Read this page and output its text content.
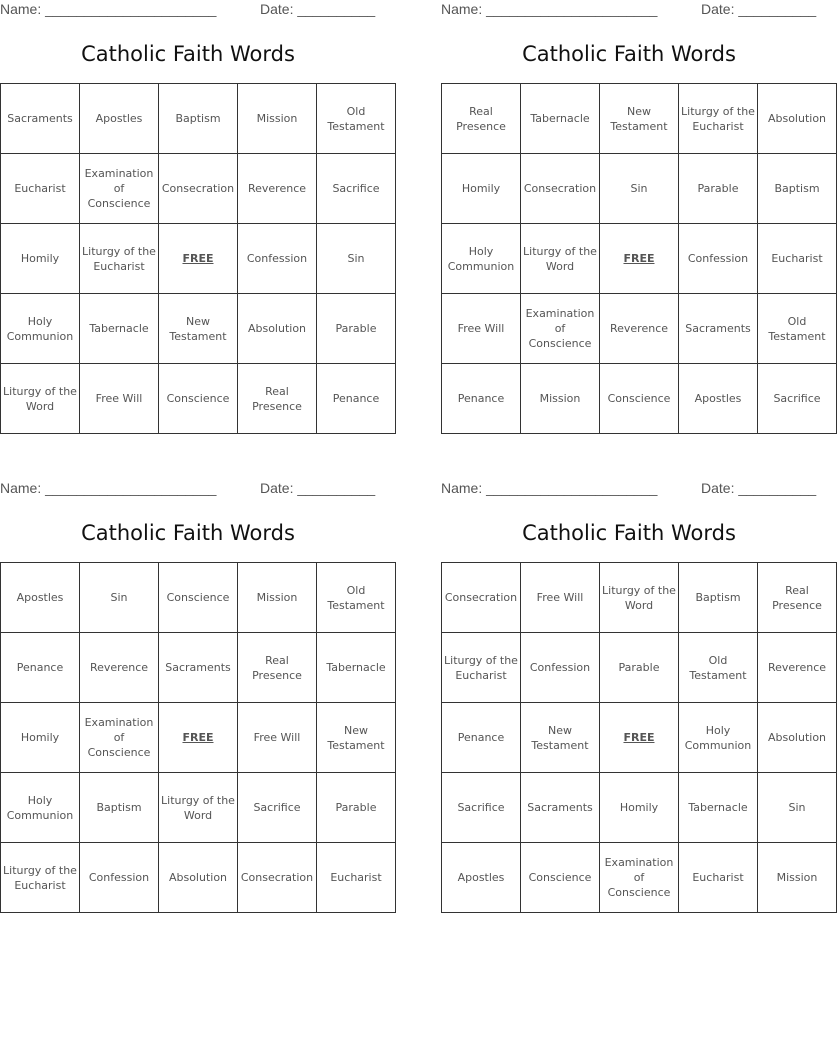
Name: ______________________	Date: __________
Catholic Faith Words
Sacraments	Apostles	Baptism	Mission	Old Testament
Eucharist	Examination of Conscience	Consecration	Reverence	Sacrifice
Homily	Liturgy of the Eucharist	FREE	Confession	Sin
Holy Communion	Tabernacle	New Testament	Absolution	Parable
Liturgy of the Word	Free Will	Conscience	Real Presence	Penance
Name: ______________________	Date: __________
Catholic Faith Words
Real Presence	Tabernacle	New Testament	Liturgy of the Eucharist	Absolution
Homily	Consecration	Sin	Parable	Baptism
Holy Communion	Liturgy of the Word	FREE	Confession	Eucharist
Free Will	Examination of Conscience	Reverence	Sacraments	Old Testament
Penance	Mission	Conscience	Apostles	Sacrifice
Name: ______________________	Date: __________
Catholic Faith Words
Apostles	Sin	Conscience	Mission	Old Testament
Penance	Reverence	Sacraments	Real Presence	Tabernacle
Homily	Examination of Conscience	FREE	Free Will	New Testament
Holy Communion	Baptism	Liturgy of the Word	Sacrifice	Parable
Liturgy of the Eucharist	Confession	Absolution	Consecration	Eucharist
Name: ______________________	Date: __________
Catholic Faith Words
Consecration	Free Will	Liturgy of the Word	Baptism	Real Presence
Liturgy of the Eucharist	Confession	Parable	Old Testament	Reverence
Penance	New Testament	FREE	Holy Communion	Absolution
Sacrifice	Sacraments	Homily	Tabernacle	Sin
Apostles	Conscience	Examination of Conscience	Eucharist	Mission
